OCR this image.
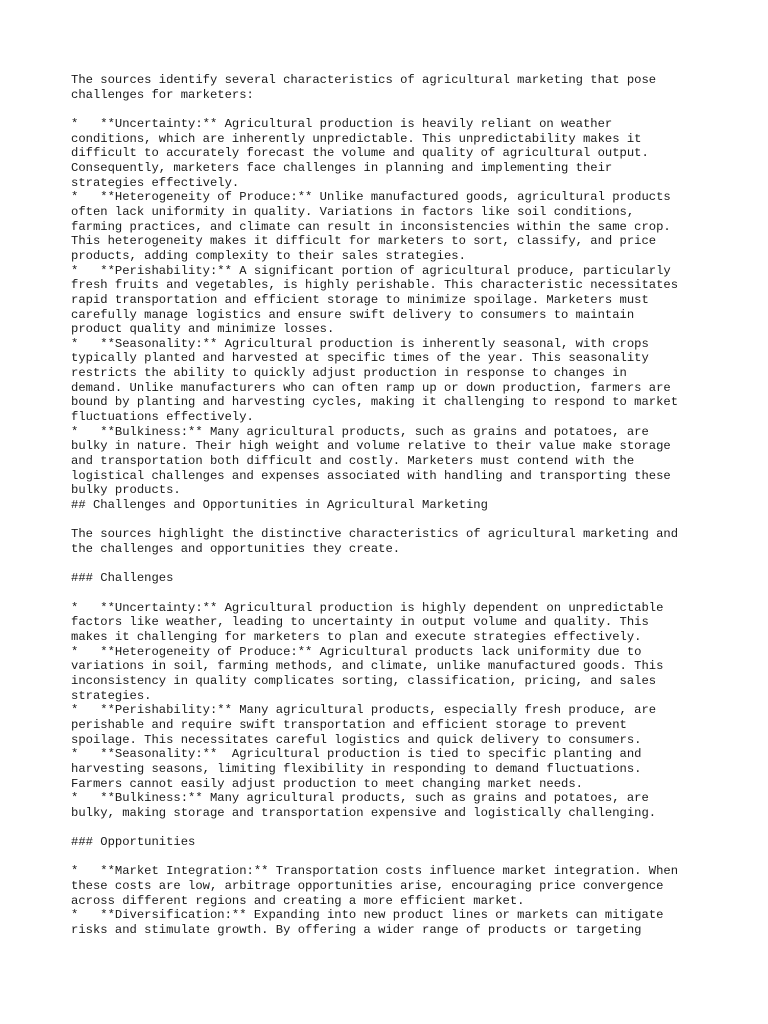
The sources identify several characteristics of agricultural marketing that pose
challenges for marketers:

*   **Uncertainty:** Agricultural production is heavily reliant on weather
conditions, which are inherently unpredictable. This unpredictability makes it
difficult to accurately forecast the volume and quality of agricultural output.
Consequently, marketers face challenges in planning and implementing their
strategies effectively.
*   **Heterogeneity of Produce:** Unlike manufactured goods, agricultural products
often lack uniformity in quality. Variations in factors like soil conditions,
farming practices, and climate can result in inconsistencies within the same crop.
This heterogeneity makes it difficult for marketers to sort, classify, and price
products, adding complexity to their sales strategies.
*   **Perishability:** A significant portion of agricultural produce, particularly
fresh fruits and vegetables, is highly perishable. This characteristic necessitates
rapid transportation and efficient storage to minimize spoilage. Marketers must
carefully manage logistics and ensure swift delivery to consumers to maintain
product quality and minimize losses.
*   **Seasonality:** Agricultural production is inherently seasonal, with crops
typically planted and harvested at specific times of the year. This seasonality
restricts the ability to quickly adjust production in response to changes in
demand. Unlike manufacturers who can often ramp up or down production, farmers are
bound by planting and harvesting cycles, making it challenging to respond to market
fluctuations effectively.
*   **Bulkiness:** Many agricultural products, such as grains and potatoes, are
bulky in nature. Their high weight and volume relative to their value make storage
and transportation both difficult and costly. Marketers must contend with the
logistical challenges and expenses associated with handling and transporting these
bulky products.
## Challenges and Opportunities in Agricultural Marketing

The sources highlight the distinctive characteristics of agricultural marketing and
the challenges and opportunities they create.

### Challenges

*   **Uncertainty:** Agricultural production is highly dependent on unpredictable
factors like weather, leading to uncertainty in output volume and quality. This
makes it challenging for marketers to plan and execute strategies effectively.
*   **Heterogeneity of Produce:** Agricultural products lack uniformity due to
variations in soil, farming methods, and climate, unlike manufactured goods. This
inconsistency in quality complicates sorting, classification, pricing, and sales
strategies.
*   **Perishability:** Many agricultural products, especially fresh produce, are
perishable and require swift transportation and efficient storage to prevent
spoilage. This necessitates careful logistics and quick delivery to consumers.
*   **Seasonality:**  Agricultural production is tied to specific planting and
harvesting seasons, limiting flexibility in responding to demand fluctuations.
Farmers cannot easily adjust production to meet changing market needs.
*   **Bulkiness:** Many agricultural products, such as grains and potatoes, are
bulky, making storage and transportation expensive and logistically challenging.

### Opportunities

*   **Market Integration:** Transportation costs influence market integration. When
these costs are low, arbitrage opportunities arise, encouraging price convergence
across different regions and creating a more efficient market.
*   **Diversification:** Expanding into new product lines or markets can mitigate
risks and stimulate growth. By offering a wider range of products or targeting
